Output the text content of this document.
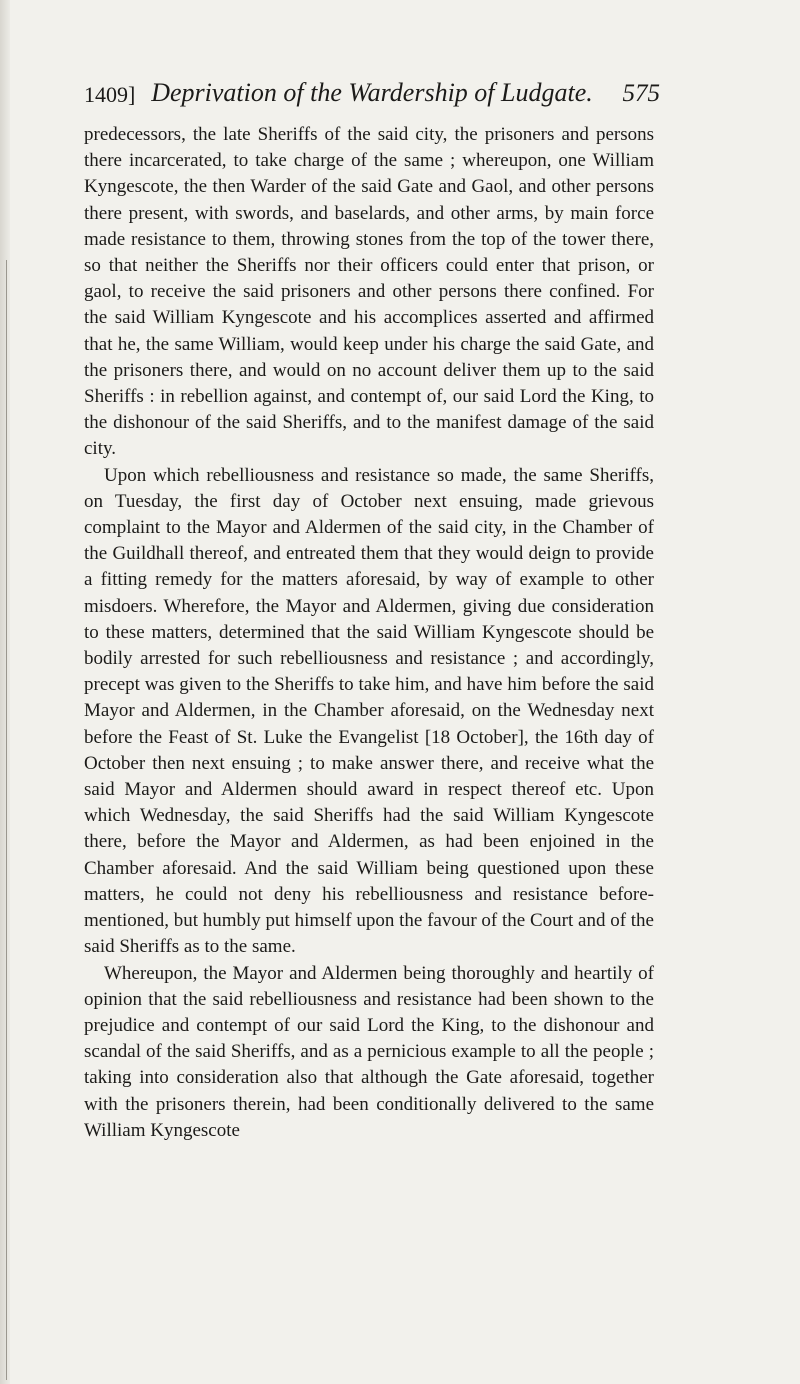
1409] Deprivation of the Wardership of Ludgate.	575

predecessors, the late Sheriffs of the said city, the prisoners and persons there incarcerated, to take charge of the same ; whereupon, one William Kyngescote, the then Warder of the said Gate and Gaol, and other persons there present, with swords, and baselards, and other arms, by main force made resistance to them, throwing stones from the top of the tower there, so that neither the Sheriffs nor their officers could enter that prison, or gaol, to receive the said prisoners and other persons there confined. For the said William Kyngescote and his accomplices asserted and affirmed that he, the same William, would keep under his charge the said Gate, and the prisoners there, and would on no account deliver them up to the said Sheriffs : in rebellion against, and contempt of, our said Lord the King, to the dishonour of the said Sheriffs, and to the manifest damage of the said city.

Upon which rebelliousness and resistance so made, the same Sheriffs, on Tuesday, the first day of October next ensuing, made grievous complaint to the Mayor and Aldermen of the said city, in the Chamber of the Guildhall thereof, and entreated them that they would deign to provide a fitting remedy for the matters aforesaid, by way of example to other misdoers. Wherefore, the Mayor and Aldermen, giving due consideration to these matters, determined that the said William Kyngescote should be bodily arrested for such rebelliousness and resistance ; and accordingly, precept was given to the Sheriffs to take him, and have him before the said Mayor and Aldermen, in the Chamber aforesaid, on the Wednesday next before the Feast of St. Luke the Evangelist [18 October], the 16th day of October then next ensuing ; to make answer there, and receive what the said Mayor and Aldermen should award in respect thereof etc. Upon which Wednesday, the said Sheriffs had the said William Kyngescote there, before the Mayor and Aldermen, as had been enjoined in the Chamber aforesaid. And the said William being questioned upon these matters, he could not deny his rebelliousness and resistance before-mentioned, but humbly put himself upon the favour of the Court and of the said Sheriffs as to the same.

Whereupon, the Mayor and Aldermen being thoroughly and heartily of opinion that the said rebelliousness and resistance had been shown to the prejudice and contempt of our said Lord the King, to the dishonour and scandal of the said Sheriffs, and as a pernicious example to all the people ; taking into consideration also that although the Gate aforesaid, together with the prisoners therein, had been conditionally delivered to the same William Kyngescote
